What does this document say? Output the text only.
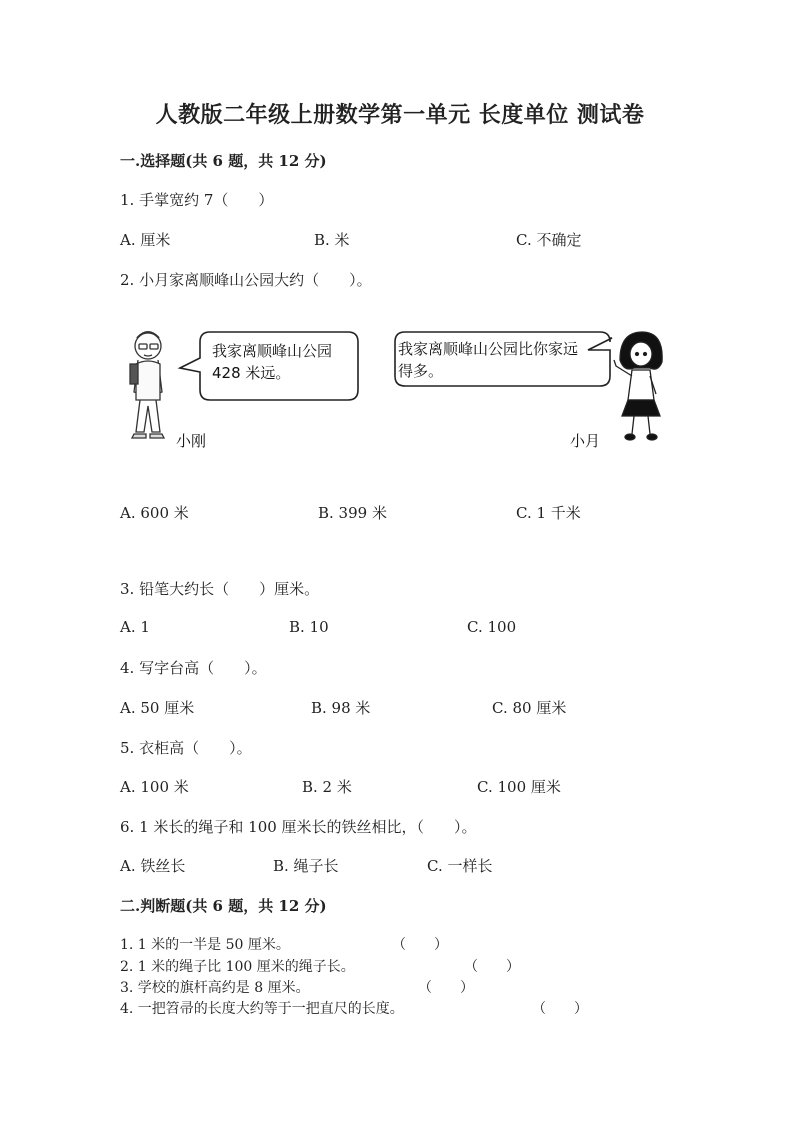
人教版二年级上册数学第一单元 长度单位 测试卷
一.选择题(共 6 题，共 12 分)
1. 手掌宽约 7（　　）
A. 厘米	B. 米	C. 不确定
2. 小月家离顺峰山公园大约（　　）。
我家离顺峰山公园 428 米远。
我家离顺峰山公园比你家远得多。
小刚	小月
A. 600 米	B. 399 米	C. 1 千米
3. 铅笔大约长（　　）厘米。
A. 1	B. 10	C. 100
4. 写字台高（　　）。
A. 50 厘米	B. 98 米	C. 80 厘米
5. 衣柜高（　　）。
A. 100 米	B. 2 米	C. 100 厘米
6. 1 米长的绳子和 100 厘米长的铁丝相比，（　　）。
A. 铁丝长	B. 绳子长	C. 一样长
二.判断题(共 6 题，共 12 分)
1. 1 米的一半是 50 厘米。	（　　）
2. 1 米的绳子比 100 厘米的绳子长。	（　　）
3. 学校的旗杆高约是 8 厘米。	（　　）
4. 一把笤帚的长度大约等于一把直尺的长度。	（　　）
